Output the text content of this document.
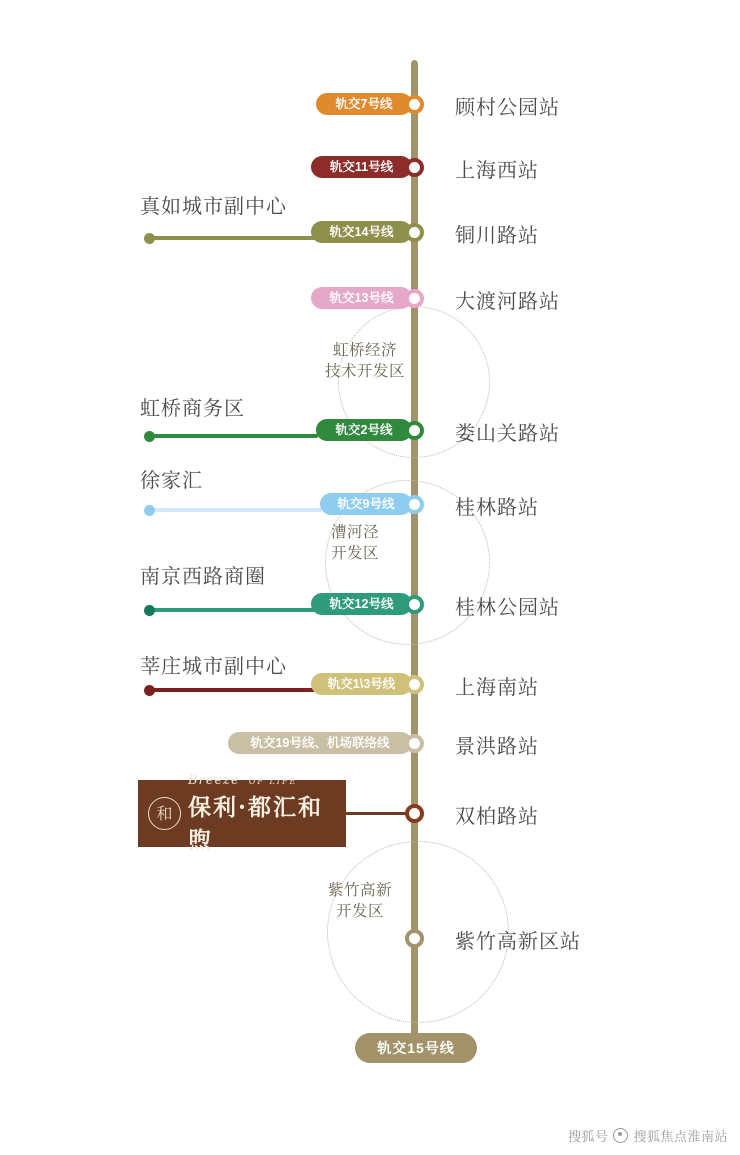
虹桥经济
技术开发区
漕河泾
开发区
紫竹高新
开发区
真如城市副中心
虹桥商务区
徐家汇
南京西路商圈
莘庄城市副中心
轨交7号线	顾村公园站
轨交11号线	上海西站
轨交14号线	铜川路站
轨交13号线	大渡河路站
轨交2号线	娄山关路站
轨交9号线	桂林路站
轨交12号线	桂林公园站
轨交1\3号线	上海南站
轨交19号线、机场联络线	景洪路站
双柏路站
紫竹高新区站
和
Breeze OF LIFE
保利·都汇和煦
轨交15号线
搜狐号 搜狐焦点淮南站
